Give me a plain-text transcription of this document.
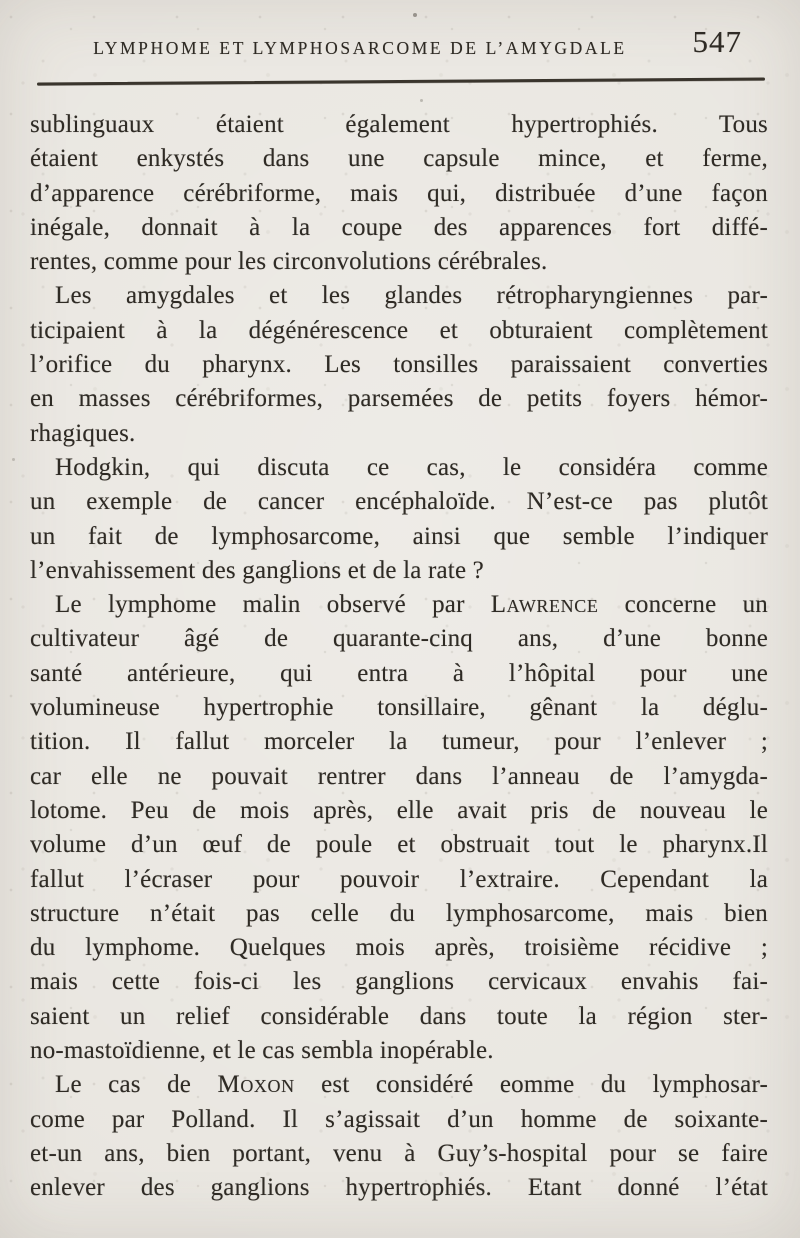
LYMPHOME ET LYMPHOSARCOME DE L’AMYGDALE	547
sublinguaux étaient également hypertrophiés. Tous
étaient enkystés dans une capsule mince, et ferme,
d’apparence cérébriforme, mais qui, distribuée d’une façon
inégale, donnait à la coupe des apparences fort diffé-
rentes, comme pour les circonvolutions cérébrales.
Les amygdales et les glandes rétropharyngiennes par-
ticipaient à la dégénérescence et obturaient complètement
l’orifice du pharynx. Les tonsilles paraissaient converties
en masses cérébriformes, parsemées de petits foyers hémor-
rhagiques.
Hodgkin, qui discuta ce cas, le considéra comme
un exemple de cancer encéphaloïde. N’est-ce pas plutôt
un fait de lymphosarcome, ainsi que semble l’indiquer
l’envahissement des ganglions et de la rate ?
Le lymphome malin observé par Lawrence concerne un
cultivateur âgé de quarante-cinq ans, d’une bonne
santé antérieure, qui entra à l’hôpital pour une
volumineuse hypertrophie tonsillaire, gênant la déglu-
tition. Il fallut morceler la tumeur, pour l’enlever ;
car elle ne pouvait rentrer dans l’anneau de l’amygda-
lotome. Peu de mois après, elle avait pris de nouveau le
volume d’un œuf de poule et obstruait tout le pharynx.Il
fallut l’écraser pour pouvoir l’extraire. Cependant la
structure n’était pas celle du lymphosarcome, mais bien
du lymphome. Quelques mois après, troisième récidive ;
mais cette fois-ci les ganglions cervicaux envahis fai-
saient un relief considérable dans toute la région ster-
no-mastoïdienne, et le cas sembla inopérable.
Le cas de Moxon est considéré eomme du lymphosar-
come par Polland. Il s’agissait d’un homme de soixante-
et-un ans, bien portant, venu à Guy’s-hospital pour se faire
enlever des ganglions hypertrophiés. Etant donné l’état
